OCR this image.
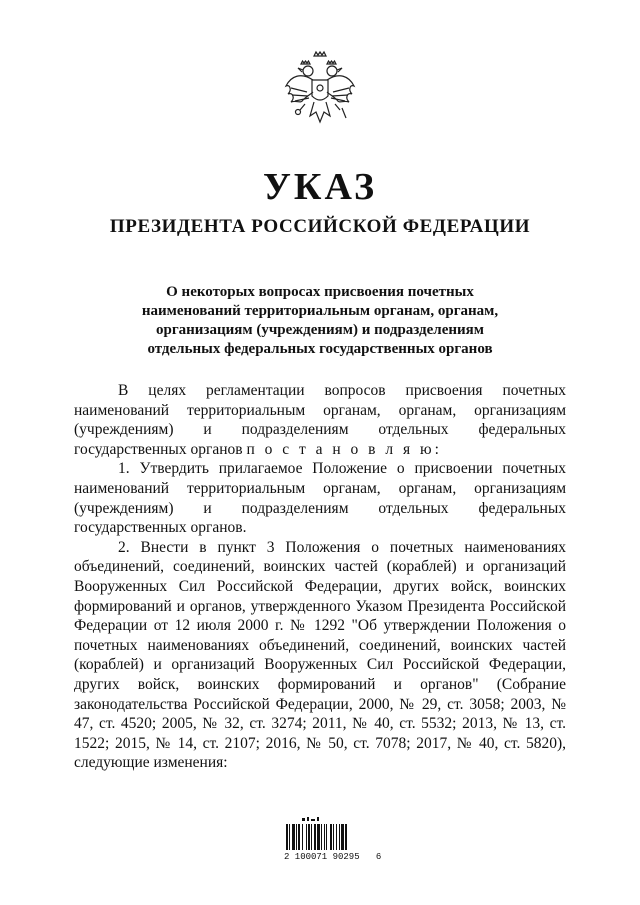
УКАЗ
ПРЕЗИДЕНТА РОССИЙСКОЙ ФЕДЕРАЦИИ
О некоторых вопросах присвоения почетных
наименований территориальным органам, органам,
организациям (учреждениям) и подразделениям
отдельных федеральных государственных органов

В целях регламентации вопросов присвоения почетных наименований территориальным органам, органам, организациям (учреждениям) и подразделениям отдельных федеральных государственных органов п о с т а н о в л я ю:

1. Утвердить прилагаемое Положение о присвоении почетных наименований территориальным органам, органам, организациям (учреждениям) и подразделениям отдельных федеральных государственных органов.

2. Внести в пункт 3 Положения о почетных наименованиях объединений, соединений, воинских частей (кораблей) и организаций Вооруженных Сил Российской Федерации, других войск, воинских формирований и органов, утвержденного Указом Президента Российской Федерации от 12 июля 2000 г. № 1292 "Об утверждении Положения о почетных наименованиях объединений, соединений, воинских частей (кораблей) и организаций Вооруженных Сил Российской Федерации, других войск, воинских формирований и органов" (Собрание законодательства Российской Федерации, 2000, № 29, ст. 3058; 2003, № 47, ст. 4520; 2005, № 32, ст. 3274; 2011, № 40, ст. 5532; 2013, № 13, ст. 1522; 2015, № 14, ст. 2107; 2016, № 50, ст. 7078; 2017, № 40, ст. 5820), следующие изменения:

2 100071 90295   6
